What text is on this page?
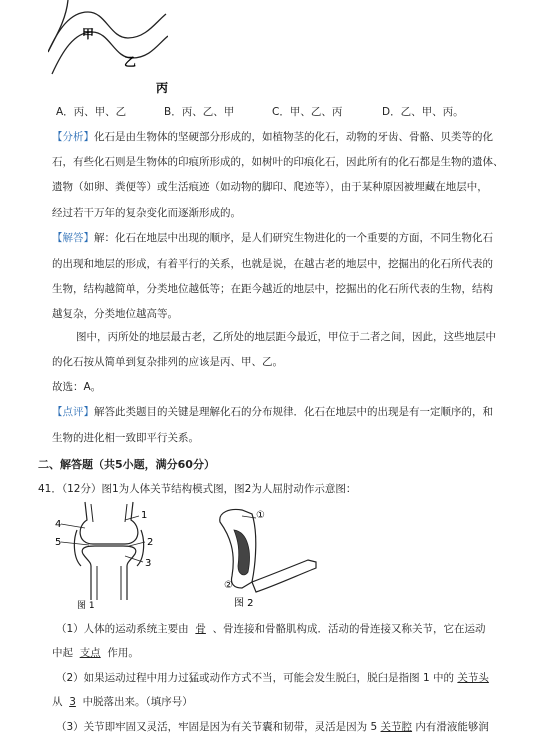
甲
乙
丙
A．丙、甲、乙	B．丙、乙、甲	C．甲、乙、丙	D．乙、甲、丙。
【分析】化石是由生物体的坚硬部分形成的，如植物茎的化石，动物的牙齿、骨骼、贝类等的化
石，有些化石则是生物体的印痕所形成的，如树叶的印痕化石，因此所有的化石都是生物的遗体、
遗物（如卵、粪便等）或生活痕迹（如动物的脚印、爬迹等），由于某种原因被埋藏在地层中，
经过若干万年的复杂变化而逐渐形成的。
【解答】解：化石在地层中出现的顺序，是人们研究生物进化的一个重要的方面，不同生物化石
的出现和地层的形成，有着平行的关系，也就是说，在越古老的地层中，挖掘出的化石所代表的
生物，结构越简单，分类地位越低等；在距今越近的地层中，挖掘出的化石所代表的生物，结构
越复杂，分类地位越高等。
图中，丙所处的地层最古老，乙所处的地层距今最近，甲位于二者之间，因此，这些地层中
的化石按从简单到复杂排列的应该是丙、甲、乙。
故选：A。
【点评】解答此类题目的关键是理解化石的分布规律．化石在地层中的出现是有一定顺序的，和
生物的进化相一致即平行关系。
二、解答题（共5小题，满分60分）
41．（12分）图1为人体关节结构模式图，图2为人屈肘动作示意图：
4
5
1
2
3
图 1
①
②
图 2
（1）人体的运动系统主要由 骨 、骨连接和骨骼肌构成．活动的骨连接又称关节，它在运动
中起 支点 作用。
（2）如果运动过程中用力过猛或动作方式不当，可能会发生脱臼，脱臼是指图 1 中的 关节头
从 3 中脱落出来。（填序号）
（3）关节即牢固又灵活，牢固是因为有关节囊和韧带，灵活是因为 5 关节腔 内有滑液能够润
